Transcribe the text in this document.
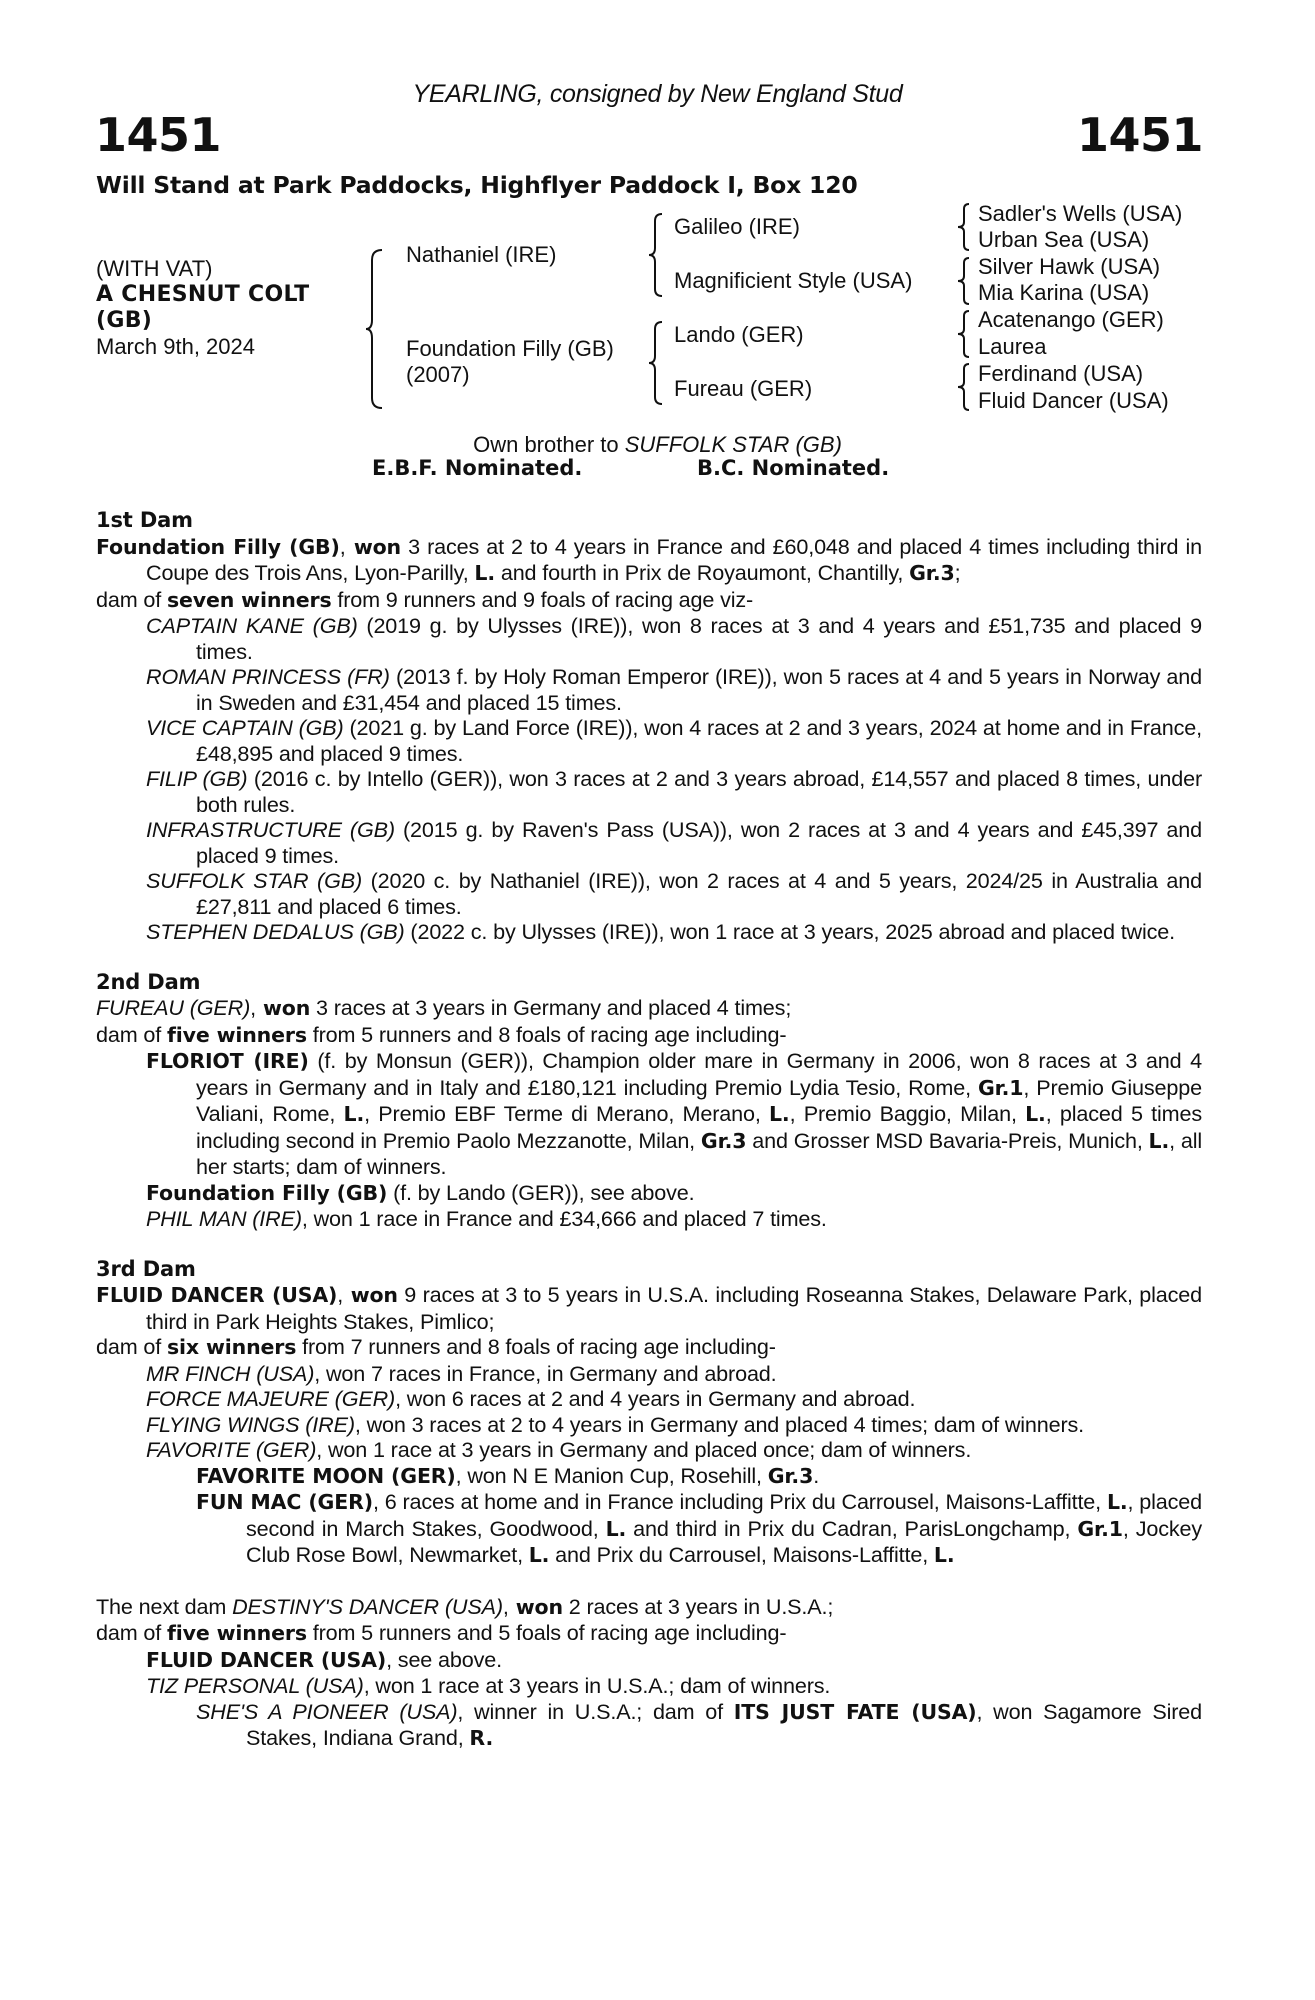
YEARLING, consigned by New England Stud
1451	1451
Will Stand at Park Paddocks, Highflyer Paddock I, Box 120
(WITH VAT)
A CHESNUT COLT
(GB)
March 9th, 2024
Nathaniel (IRE)
Foundation Filly (GB)
(2007)
Galileo (IRE)
Magnificient Style (USA)
Lando (GER)
Fureau (GER)
Sadler's Wells (USA)
Urban Sea (USA)
Silver Hawk (USA)
Mia Karina (USA)
Acatenango (GER)
Laurea
Ferdinand (USA)
Fluid Dancer (USA)
Own brother to SUFFOLK STAR (GB)
E.B.F. Nominated.	B.C. Nominated.
1st Dam
Foundation Filly (GB), won 3 races at 2 to 4 years in France and £60,048 and placed 4 times including third in Coupe des Trois Ans, Lyon-Parilly, L. and fourth in Prix de Royaumont, Chantilly, Gr.3;
dam of seven winners from 9 runners and 9 foals of racing age viz-
CAPTAIN KANE (GB) (2019 g. by Ulysses (IRE)), won 8 races at 3 and 4 years and £51,735 and placed 9 times.
ROMAN PRINCESS (FR) (2013 f. by Holy Roman Emperor (IRE)), won 5 races at 4 and 5 years in Norway and in Sweden and £31,454 and placed 15 times.
VICE CAPTAIN (GB) (2021 g. by Land Force (IRE)), won 4 races at 2 and 3 years, 2024 at home and in France, £48,895 and placed 9 times.
FILIP (GB) (2016 c. by Intello (GER)), won 3 races at 2 and 3 years abroad, £14,557 and placed 8 times, under both rules.
INFRASTRUCTURE (GB) (2015 g. by Raven's Pass (USA)), won 2 races at 3 and 4 years and £45,397 and placed 9 times.
SUFFOLK STAR (GB) (2020 c. by Nathaniel (IRE)), won 2 races at 4 and 5 years, 2024/25 in Australia and £27,811 and placed 6 times.
STEPHEN DEDALUS (GB) (2022 c. by Ulysses (IRE)), won 1 race at 3 years, 2025 abroad and placed twice.
2nd Dam
FUREAU (GER), won 3 races at 3 years in Germany and placed 4 times;
dam of five winners from 5 runners and 8 foals of racing age including-
FLORIOT (IRE) (f. by Monsun (GER)), Champion older mare in Germany in 2006, won 8 races at 3 and 4 years in Germany and in Italy and £180,121 including Premio Lydia Tesio, Rome, Gr.1, Premio Giuseppe Valiani, Rome, L., Premio EBF Terme di Merano, Merano, L., Premio Baggio, Milan, L., placed 5 times including second in Premio Paolo Mezzanotte, Milan, Gr.3 and Grosser MSD Bavaria-Preis, Munich, L., all her starts; dam of winners.
Foundation Filly (GB) (f. by Lando (GER)), see above.
PHIL MAN (IRE), won 1 race in France and £34,666 and placed 7 times.
3rd Dam
FLUID DANCER (USA), won 9 races at 3 to 5 years in U.S.A. including Roseanna Stakes, Delaware Park, placed third in Park Heights Stakes, Pimlico;
dam of six winners from 7 runners and 8 foals of racing age including-
MR FINCH (USA), won 7 races in France, in Germany and abroad.
FORCE MAJEURE (GER), won 6 races at 2 and 4 years in Germany and abroad.
FLYING WINGS (IRE), won 3 races at 2 to 4 years in Germany and placed 4 times; dam of winners.
FAVORITE (GER), won 1 race at 3 years in Germany and placed once; dam of winners.
FAVORITE MOON (GER), won N E Manion Cup, Rosehill, Gr.3.
FUN MAC (GER), 6 races at home and in France including Prix du Carrousel, Maisons-Laffitte, L., placed second in March Stakes, Goodwood, L. and third in Prix du Cadran, ParisLongchamp, Gr.1, Jockey Club Rose Bowl, Newmarket, L. and Prix du Carrousel, Maisons-Laffitte, L.
The next dam DESTINY'S DANCER (USA), won 2 races at 3 years in U.S.A.;
dam of five winners from 5 runners and 5 foals of racing age including-
FLUID DANCER (USA), see above.
TIZ PERSONAL (USA), won 1 race at 3 years in U.S.A.; dam of winners.
SHE'S A PIONEER (USA), winner in U.S.A.; dam of ITS JUST FATE (USA), won Sagamore Sired Stakes, Indiana Grand, R.
